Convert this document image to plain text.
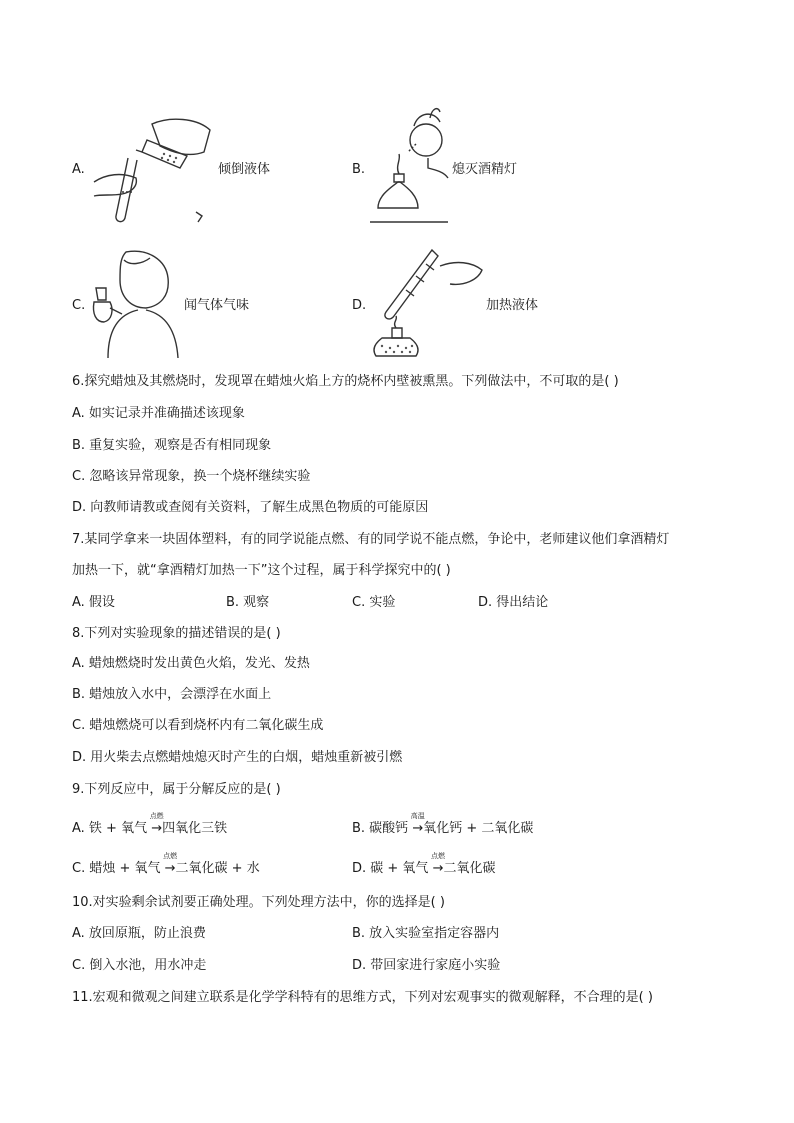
A.	倾倒液体	B.	熄灭酒精灯
C.	闻气体气味	D.	加热液体
6.探究蜡烛及其燃烧时，发现罩在蜡烛火焰上方的烧杯内壁被熏黑。下列做法中，不可取的是( )
A. 如实记录并准确描述该现象
B. 重复实验，观察是否有相同现象
C. 忽略该异常现象，换一个烧杯继续实验
D. 向教师请教或查阅有关资料，了解生成黑色物质的可能原因
7.某同学拿来一块固体塑料，有的同学说能点燃、有的同学说不能点燃，争论中，老师建议他们拿酒精灯
加热一下，就“拿酒精灯加热一下”这个过程，属于科学探究中的( )
A. 假设	B. 观察	C. 实验	D. 得出结论
8.下列对实验现象的描述错误的是( )
A. 蜡烛燃烧时发出黄色火焰，发光、发热
B. 蜡烛放入水中，会漂浮在水面上
C. 蜡烛燃烧可以看到烧杯内有二氧化碳生成
D. 用火柴去点燃蜡烛熄灭时产生的白烟，蜡烛重新被引燃
9.下列反应中，属于分解反应的是( )
A. 铁 + 氧气
点燃
→四氧化三铁	B. 碳酸钙
高温
→氧化钙 + 二氧化碳
C. 蜡烛 + 氧气
点燃
→二氧化碳 + 水	D. 碳 + 氧气
点燃
→二氧化碳
10.对实验剩余试剂要正确处理。下列处理方法中，你的选择是( )
A. 放回原瓶，防止浪费	B. 放入实验室指定容器内
C. 倒入水池，用水冲走	D. 带回家进行家庭小实验
11.宏观和微观之间建立联系是化学学科特有的思维方式，下列对宏观事实的微观解释，不合理的是( )
